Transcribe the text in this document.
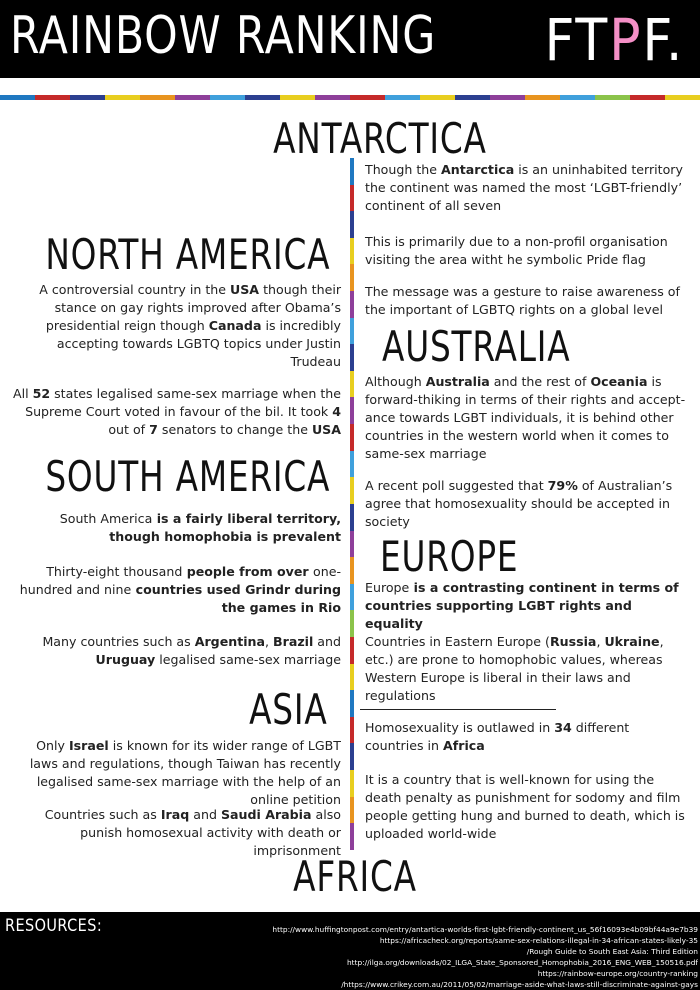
RAINBOW RANKING FTPF.
ANTARCTICA

Though the Antarctica is an uninhabited territory the continent was named the most ‘LGBT-friendly’ continent of all seven

This is primarily due to a non-profil organisation visiting the area witht he symbolic Pride flag

The message was a gesture to raise awareness of the important of LGBTQ rights on a global level

NORTH AMERICA

A controversial country in the USA though their stance on gay rights improved after Obama’s presidential reign though Canada is incredibly accepting towards LGBTQ topics under Justin Trudeau

All 52 states legalised same-sex marriage when the Supreme Court voted in favour of the bil. It took 4 out of 7 senators to change the USA

AUSTRALIA

Although Australia and the rest of Oceania is forward-thiking in terms of their rights and accept-ance towards LGBT individuals, it is behind other countries in the western world when it comes to same-sex marriage

A recent poll suggested that 79% of Australian’s agree that homosexuality should be accepted in society

SOUTH AMERICA

South America is a fairly liberal territory, though homophobia is prevalent

Thirty-eight thousand people from over one-hundred and nine countries used Grindr during the games in Rio

Many countries such as Argentina, Brazil and Uruguay legalised same-sex marriage

EUROPE

Europe is a contrasting continent in terms of countries supporting LGBT rights and equality

Countries in Eastern Europe (Russia, Ukraine, etc.) are prone to homophobic values, whereas Western Europe is liberal in their laws and regulations

ASIA

Only Israel is known for its wider range of LGBT laws and regulations, though Taiwan has recently legalised same-sex marriage with the help of an online petition

Countries such as Iraq and Saudi Arabia also punish homosexual activity with death or imprisonment

Homosexuality is outlawed in 34 different countries in Africa

It is a country that is well-known for using the death penalty as punishment for sodomy and film people getting hung and burned to death, which is uploaded world-wide

AFRICA
RESOURCES:	http://www.huffingtonpost.com/entry/antartica-worlds-first-lgbt-friendly-continent_us_56f16093e4b09bf44a9e7b39
https://africacheck.org/reports/same-sex-relations-illegal-in-34-african-states-likely-35
/Rough Guide to South East Asia: Third Edition
http://ilga.org/downloads/02_ILGA_State_Sponsored_Homophobia_2016_ENG_WEB_150516.pdf
https://rainbow-europe.org/country-ranking
/https://www.crikey.com.au/2011/05/02/marriage-aside-what-laws-still-discriminate-against-gays
